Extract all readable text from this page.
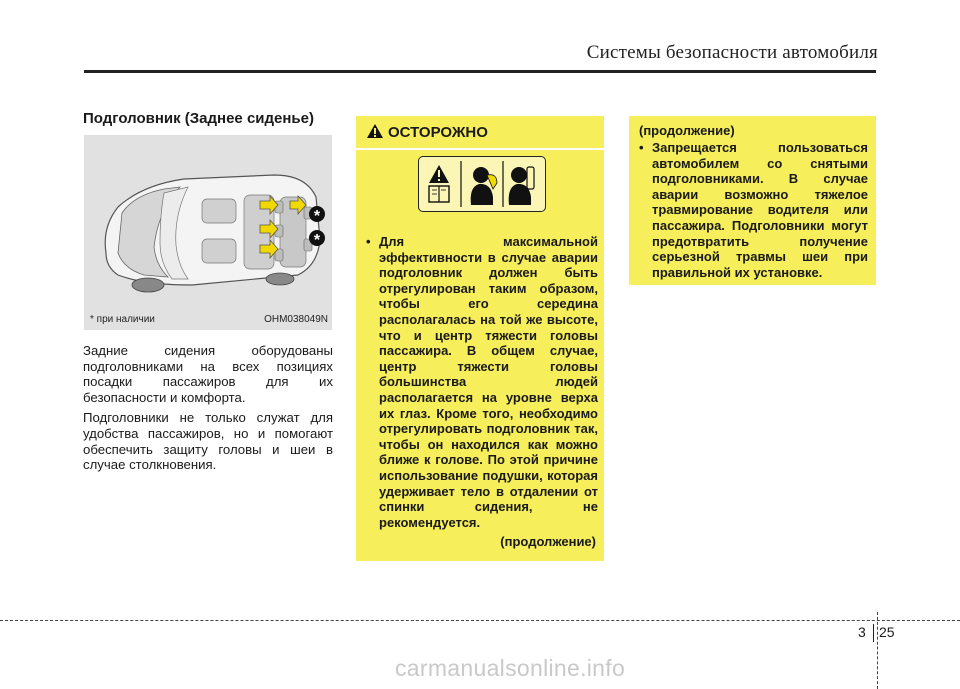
Системы безопасности автомобиля
Подголовник (Заднее сиденье)
*
*
* при наличии	OHM038049N

Задние сидения оборудованы подголовниками на всех позициях посадки пассажиров для их безопасности и комфорта.

Подголовники не только служат для удобства пассажиров, но и помогают обеспечить защиту головы и шеи в случае столкновения.

ОСТОРОЖНО
• Для максимальной эффективности в случае аварии подголовник должен быть отрегулирован таким образом, чтобы его середина располагалась на той же высоте, что и центр тяжести головы пассажира. В общем случае, центр тяжести головы большинства людей располагается на уровне верха их глаз. Кроме того, необходимо отрегулировать подголовник так, чтобы он находился как можно ближе к голове. По этой причине использование подушки, которая удерживает тело в отдалении от спинки сидения, не рекомендуется.
(продолжение)
(продолжение)
• Запрещается пользоваться автомобилем со снятыми подголовниками. В случае аварии возможно тяжелое травмирование водителя или пассажира. Подголовники могут предотвратить получение серьезной травмы шеи при правильной их установке.
3 25
carmanualsonline.info
